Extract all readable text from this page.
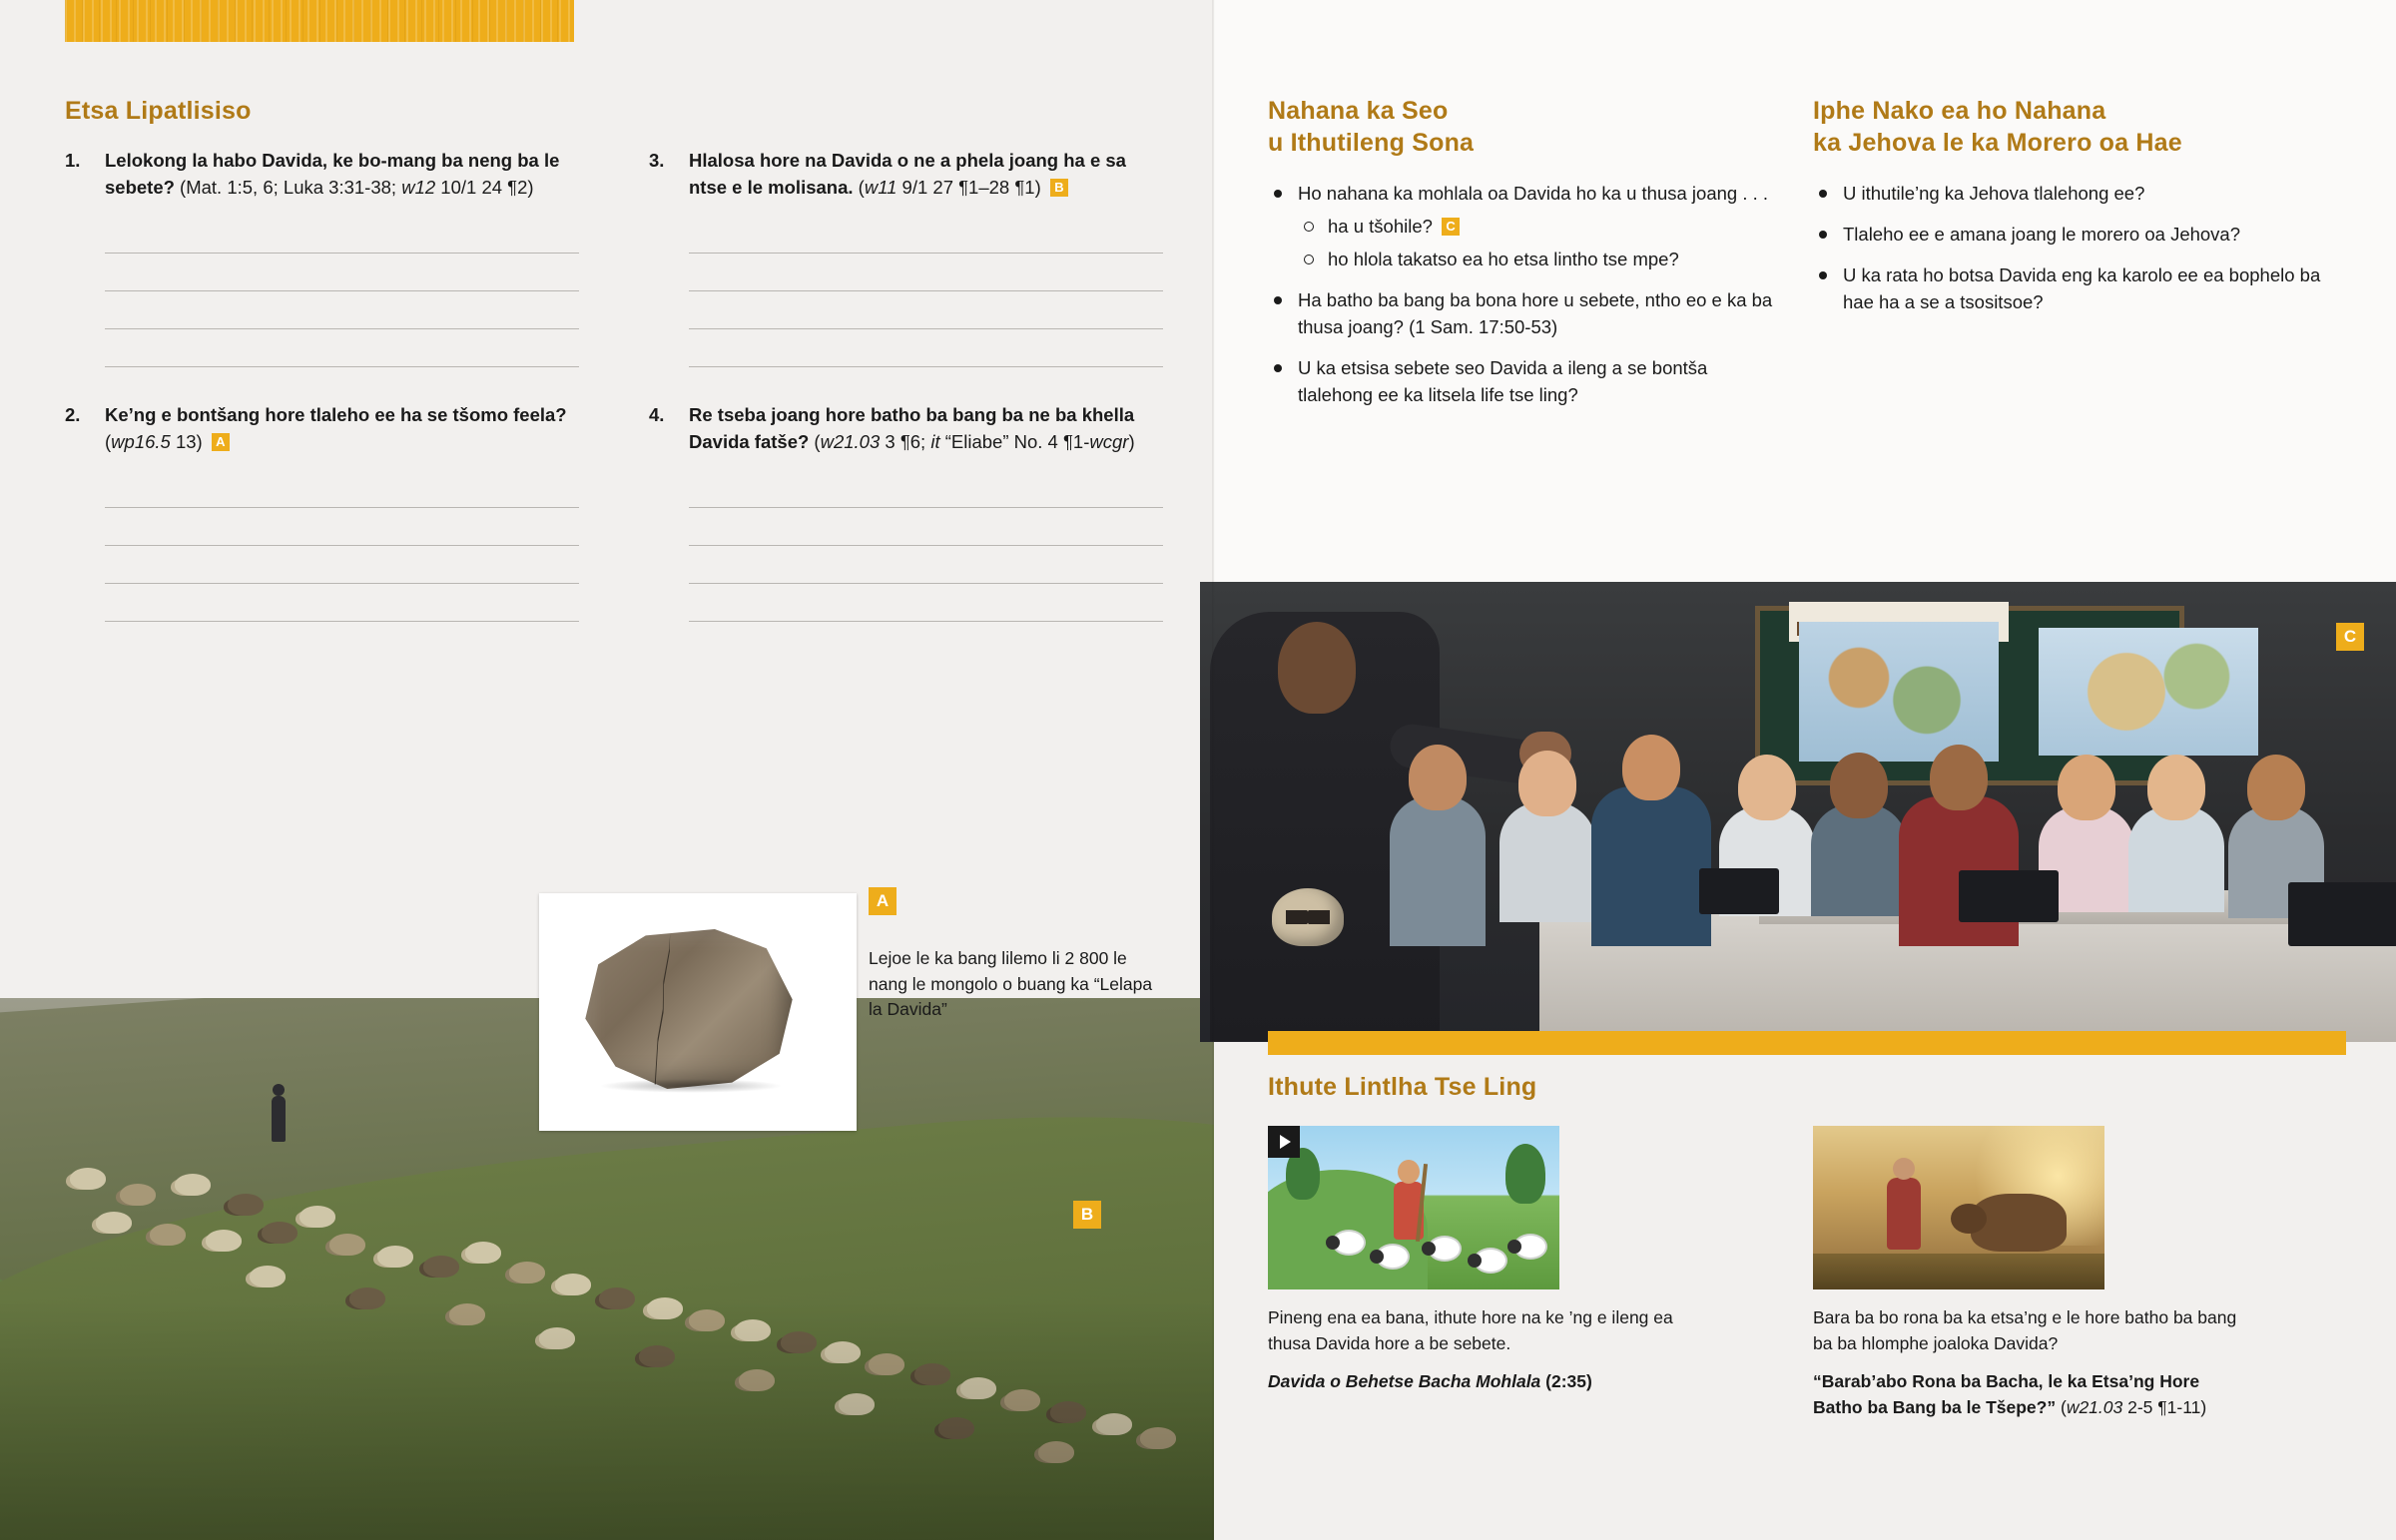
Etsa Lipatlisiso
1.	Lelokong la habo Davida, ke bo-mang ba neng ba le sebete? (Mat. 1:5, 6; Luka 3:31-38; w12 10/1 24 ¶2)
2.	Ke’ng e bontšang hore tlaleho ee ha se tšomo feela? (wp16.5 13) A
3.	Hlalosa hore na Davida o ne a phela joang ha e sa ntse e le molisana. (w11 9/1 27 ¶1–28 ¶1) B
4.	Re tseba joang hore batho ba bang ba ne ba khella Davida fatše? (w21.03 3 ¶6; it “Eliabe” No. 4 ¶1-wcgr)
A
Lejoe le ka bang lilemo li 2 800 le nang le mongolo o buang ka “Lelapa la Davida”
B
Nahana ka Seo
u Ithutileng Sona
Iphe Nako ea ho Nahana
ka Jehova le ka Morero oa Hae
Ho nahana ka mohlala oa Davida ho ka u thusa joang . . .
ha u tšohile? C
ho hlola takatso ea ho etsa lintho tse mpe?
Ha batho ba bang ba bona hore u sebete, ntho eo e ka ba thusa joang? (1 Sam. 17:50-53)
U ka etsisa sebete seo Davida a ileng a se bontša tlalehong ee ka litsela life tse ling?
U ithutile’ng ka Jehova tlalehong ee?
Tlaleho ee e amana joang le morero oa Jehova?
U ka rata ho botsa Davida eng ka karolo ee ea bophelo ba hae ha a se a tsositsoe?
C
Ithute Lintlha Tse Ling
Pineng ena ea bana, ithute hore na ke ’ng e ileng ea thusa Davida hore a be sebete.
Davida o Behetse Bacha Mohlala (2:35)
Bara ba bo rona ba ka etsa’ng e le hore batho ba bang ba ba hlomphe joaloka Davida?
“Barab’abo Rona ba Bacha, le ka Etsa’ng Hore Batho ba Bang ba le Tšepe?” (w21.03 2-5 ¶1-11)
